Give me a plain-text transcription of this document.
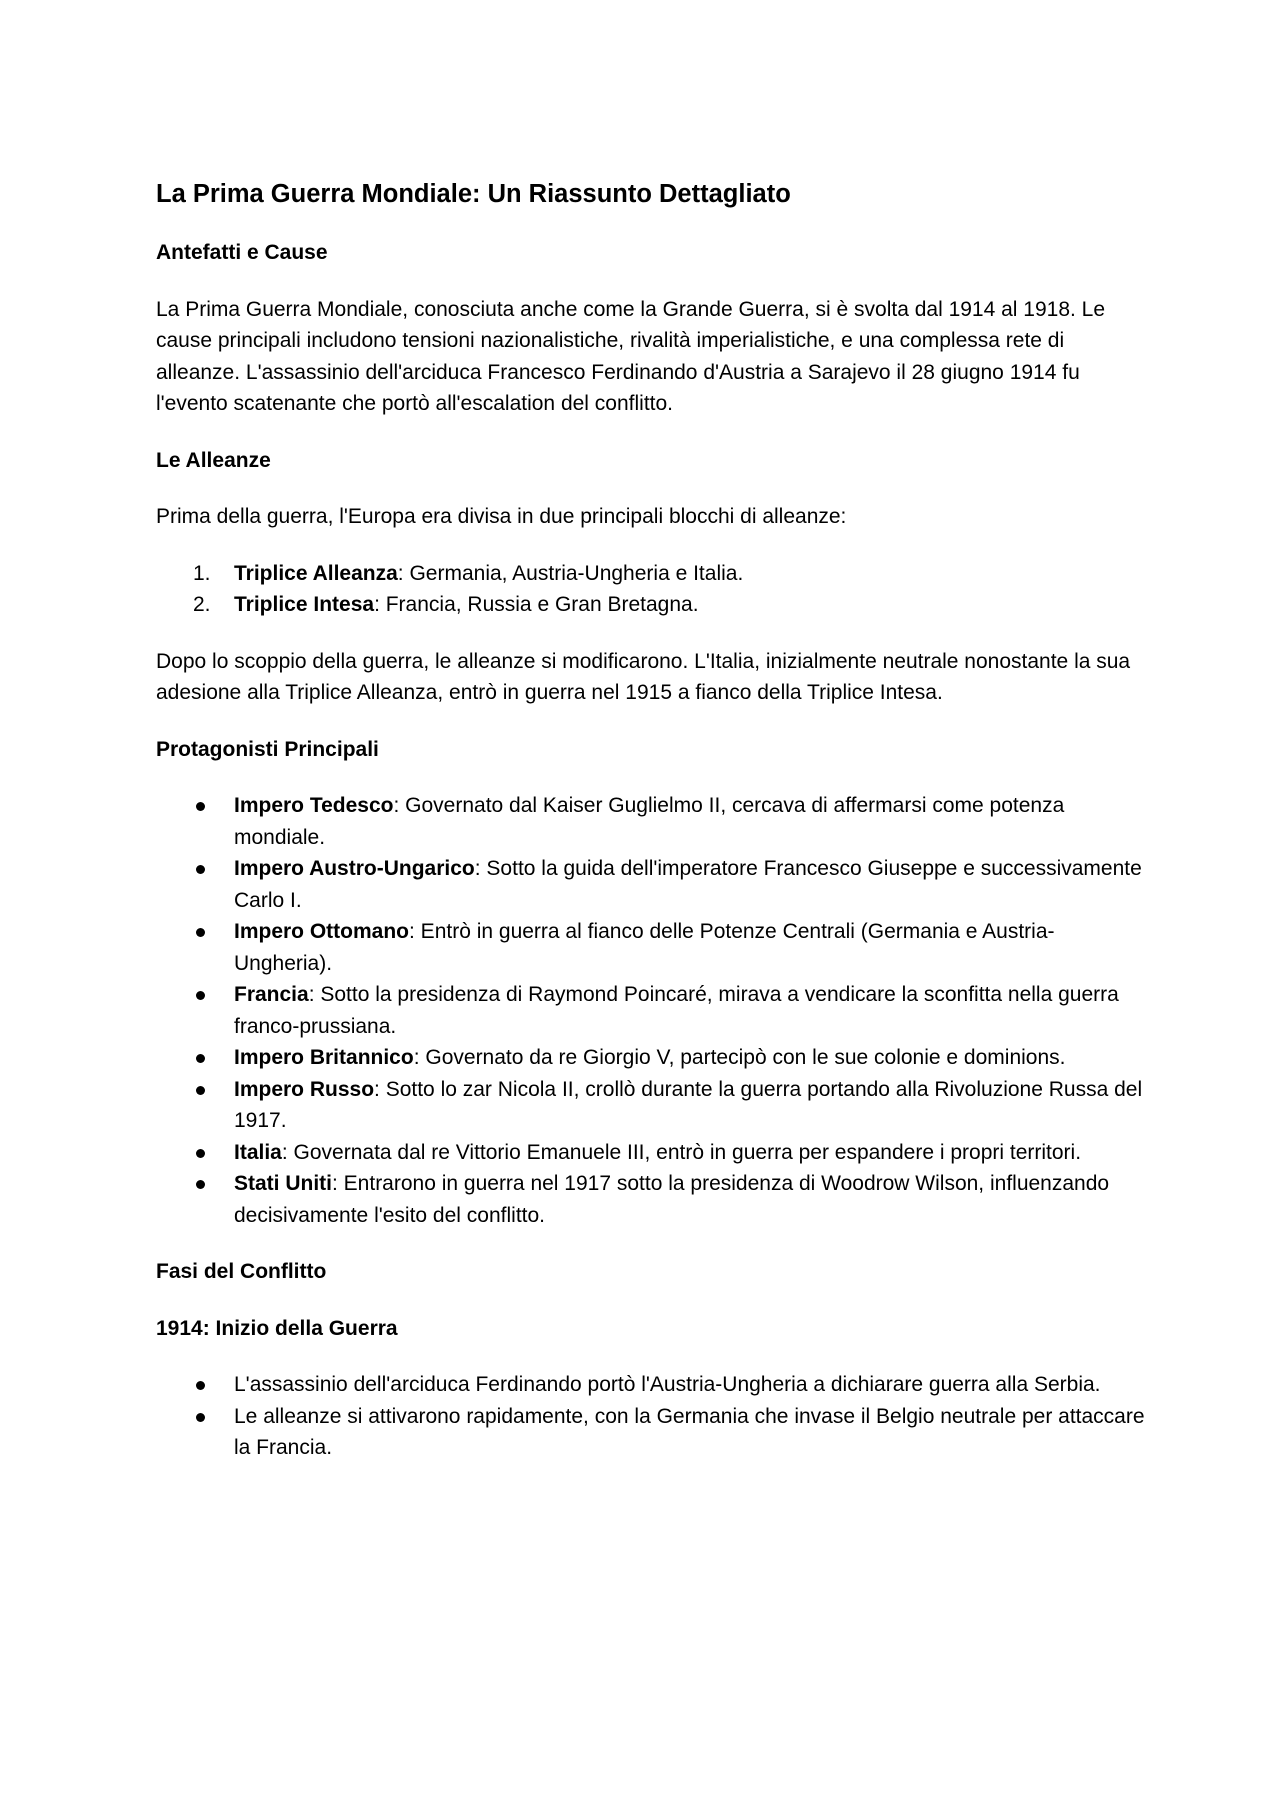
La Prima Guerra Mondiale: Un Riassunto Dettagliato
Antefatti e Cause

La Prima Guerra Mondiale, conosciuta anche come la Grande Guerra, si è svolta dal 1914 al 1918. Le cause principali includono tensioni nazionalistiche, rivalità imperialistiche, e una complessa rete di alleanze. L'assassinio dell'arciduca Francesco Ferdinando d'Austria a Sarajevo il 28 giugno 1914 fu l'evento scatenante che portò all'escalation del conflitto.

Le Alleanze

Prima della guerra, l'Europa era divisa in due principali blocchi di alleanze:

1.	Triplice Alleanza: Germania, Austria-Ungheria e Italia.
2.	Triplice Intesa: Francia, Russia e Gran Bretagna.

Dopo lo scoppio della guerra, le alleanze si modificarono. L'Italia, inizialmente neutrale nonostante la sua adesione alla Triplice Alleanza, entrò in guerra nel 1915 a fianco della Triplice Intesa.

Protagonisti Principali
Impero Tedesco: Governato dal Kaiser Guglielmo II, cercava di affermarsi come potenza mondiale.
Impero Austro-Ungarico: Sotto la guida dell'imperatore Francesco Giuseppe e successivamente Carlo I.
Impero Ottomano: Entrò in guerra al fianco delle Potenze Centrali (Germania e Austria-Ungheria).
Francia: Sotto la presidenza di Raymond Poincaré, mirava a vendicare la sconfitta nella guerra franco-prussiana.
Impero Britannico: Governato da re Giorgio V, partecipò con le sue colonie e dominions.
Impero Russo: Sotto lo zar Nicola II, crollò durante la guerra portando alla Rivoluzione Russa del 1917.
Italia: Governata dal re Vittorio Emanuele III, entrò in guerra per espandere i propri territori.
Stati Uniti: Entrarono in guerra nel 1917 sotto la presidenza di Woodrow Wilson, influenzando decisivamente l'esito del conflitto.
Fasi del Conflitto
1914: Inizio della Guerra
L'assassinio dell'arciduca Ferdinando portò l'Austria-Ungheria a dichiarare guerra alla Serbia.
Le alleanze si attivarono rapidamente, con la Germania che invase il Belgio neutrale per attaccare la Francia.
